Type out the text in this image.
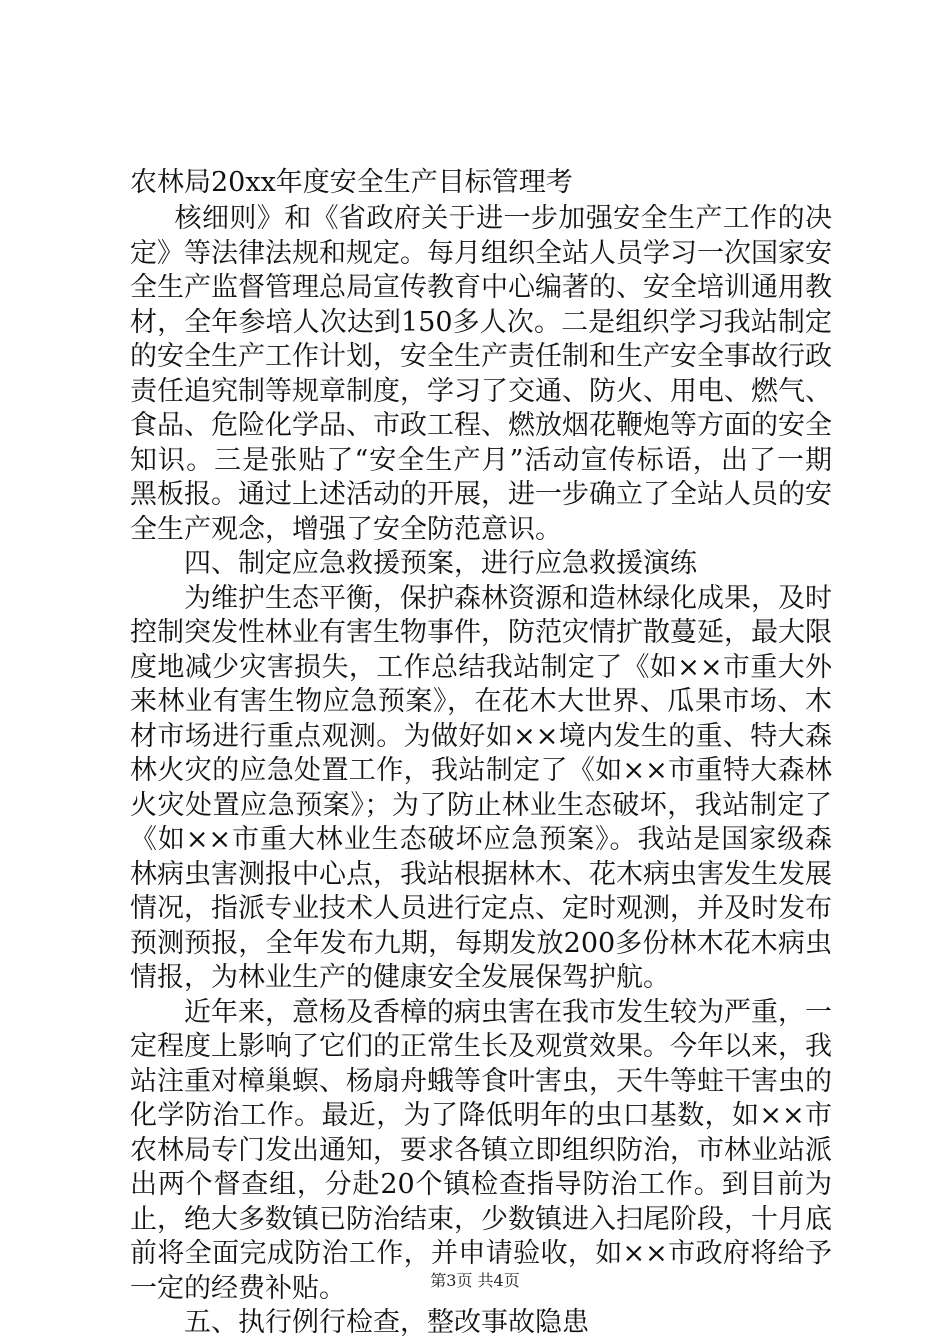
农林局20xx年度安全生产目标管理考

核细则》和《省政府关于进一步加强安全生产工作的决定》等法律法规和规定。每月组织全站人员学习一次国家安全生产监督管理总局宣传教育中心编著的、安全培训通用教材，全年参培人次达到150多人次。二是组织学习我站制定的安全生产工作计划，安全生产责任制和生产安全事故行政责任追究制等规章制度，学习了交通、防火、用电、燃气、食品、危险化学品、市政工程、燃放烟花鞭炮等方面的安全知识。三是张贴了“安全生产月”活动宣传标语，出了一期黑板报。通过上述活动的开展，进一步确立了全站人员的安全生产观念，增强了安全防范意识。

四、制定应急救援预案，进行应急救援演练

为维护生态平衡，保护森林资源和造林绿化成果，及时控制突发性林业有害生物事件，防范灾情扩散蔓延，最大限度地减少灾害损失，工作总结我站制定了《如××市重大外来林业有害生物应急预案》，在花木大世界、瓜果市场、木材市场进行重点观测。为做好如××境内发生的重、特大森林火灾的应急处置工作，我站制定了《如××市重特大森林火灾处置应急预案》；为了防止林业生态破坏，我站制定了《如××市重大林业生态破坏应急预案》。我站是国家级森林病虫害测报中心点，我站根据林木、花木病虫害发生发展情况，指派专业技术人员进行定点、定时观测，并及时发布预测预报，全年发布九期，每期发放200多份林木花木病虫情报，为林业生产的健康安全发展保驾护航。

近年来，意杨及香樟的病虫害在我市发生较为严重，一定程度上影响了它们的正常生长及观赏效果。今年以来，我站注重对樟巢螟、杨扇舟蛾等食叶害虫，天牛等蛀干害虫的化学防治工作。最近，为了降低明年的虫口基数，如××市农林局专门发出通知，要求各镇立即组织防治，市林业站派出两个督查组，分赴20个镇检查指导防治工作。到目前为止，绝大多数镇已防治结束，少数镇进入扫尾阶段，十月底前将全面完成防治工作，并申请验收，如××市政府将给予一定的经费补贴。

五、执行例行检查，整改事故隐患

第3页 共4页
